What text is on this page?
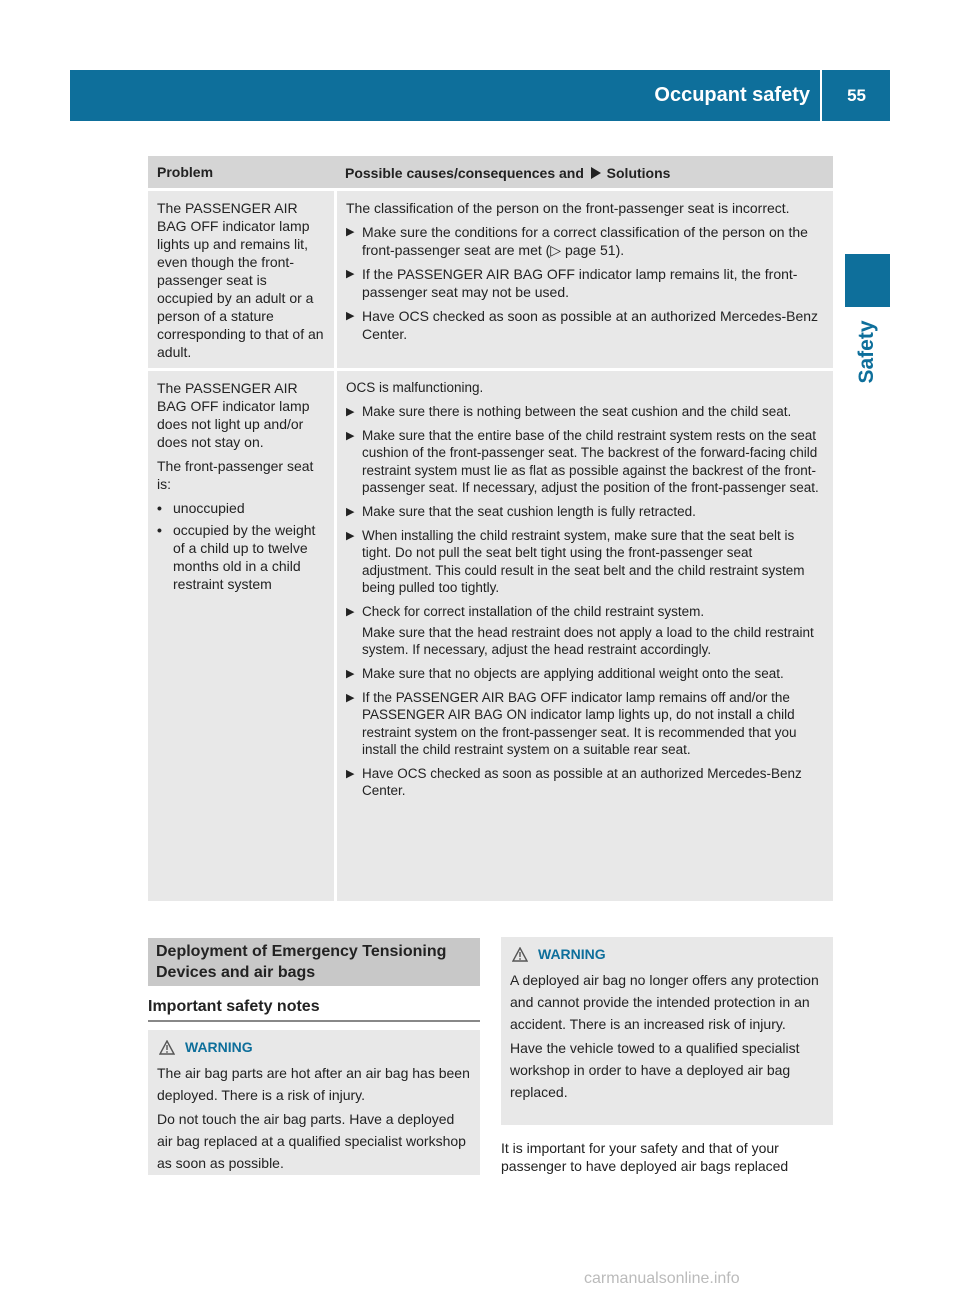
Occupant safety	55
Safety
Problem	Possible causes/consequences and Solutions

The PASSENGER AIR BAG OFF indicator lamp lights up and remains lit, even though the front-passenger seat is occupied by an adult or a person of a stature corresponding to that of an adult.

The classification of the person on the front-passenger seat is incorrect.

▶ Make sure the conditions for a correct classification of the person on the front-passenger seat are met (▷ page 51).
▶ If the PASSENGER AIR BAG OFF indicator lamp remains lit, the front-passenger seat may not be used.
▶ Have OCS checked as soon as possible at an authorized Mercedes-Benz Center.

The PASSENGER AIR BAG OFF indicator lamp does not light up and/or does not stay on.

The front-passenger seat is:

• unoccupied
• occupied by the weight of a child up to twelve months old in a child restraint system

OCS is malfunctioning.

▶ Make sure there is nothing between the seat cushion and the child seat.
▶ Make sure that the entire base of the child restraint system rests on the seat cushion of the front-passenger seat. The backrest of the forward-facing child restraint system must lie as flat as possible against the backrest of the front-passenger seat. If necessary, adjust the position of the front-passenger seat.
▶ Make sure that the seat cushion length is fully retracted.
▶ When installing the child restraint system, make sure that the seat belt is tight. Do not pull the seat belt tight using the front-passenger seat adjustment. This could result in the seat belt and the child restraint system being pulled too tightly.
▶ Check for correct installation of the child restraint system.
Make sure that the head restraint does not apply a load to the child restraint system. If necessary, adjust the head restraint accordingly.
▶ Make sure that no objects are applying additional weight onto the seat.
▶ If the PASSENGER AIR BAG OFF indicator lamp remains off and/or the PASSENGER AIR BAG ON indicator lamp lights up, do not install a child restraint system on the front-passenger seat. It is recommended that you install the child restraint system on a suitable rear seat.
▶ Have OCS checked as soon as possible at an authorized Mercedes-Benz Center.
Deployment of Emergency Tensioning Devices and air bags
Important safety notes
WARNING

The air bag parts are hot after an air bag has been deployed. There is a risk of injury.

Do not touch the air bag parts. Have a deployed air bag replaced at a qualified specialist workshop as soon as possible.

WARNING

A deployed air bag no longer offers any protection and cannot provide the intended protection in an accident. There is an increased risk of injury.

Have the vehicle towed to a qualified specialist workshop in order to have a deployed air bag replaced.

It is important for your safety and that of your passenger to have deployed air bags replaced

carmanualsonline.info
